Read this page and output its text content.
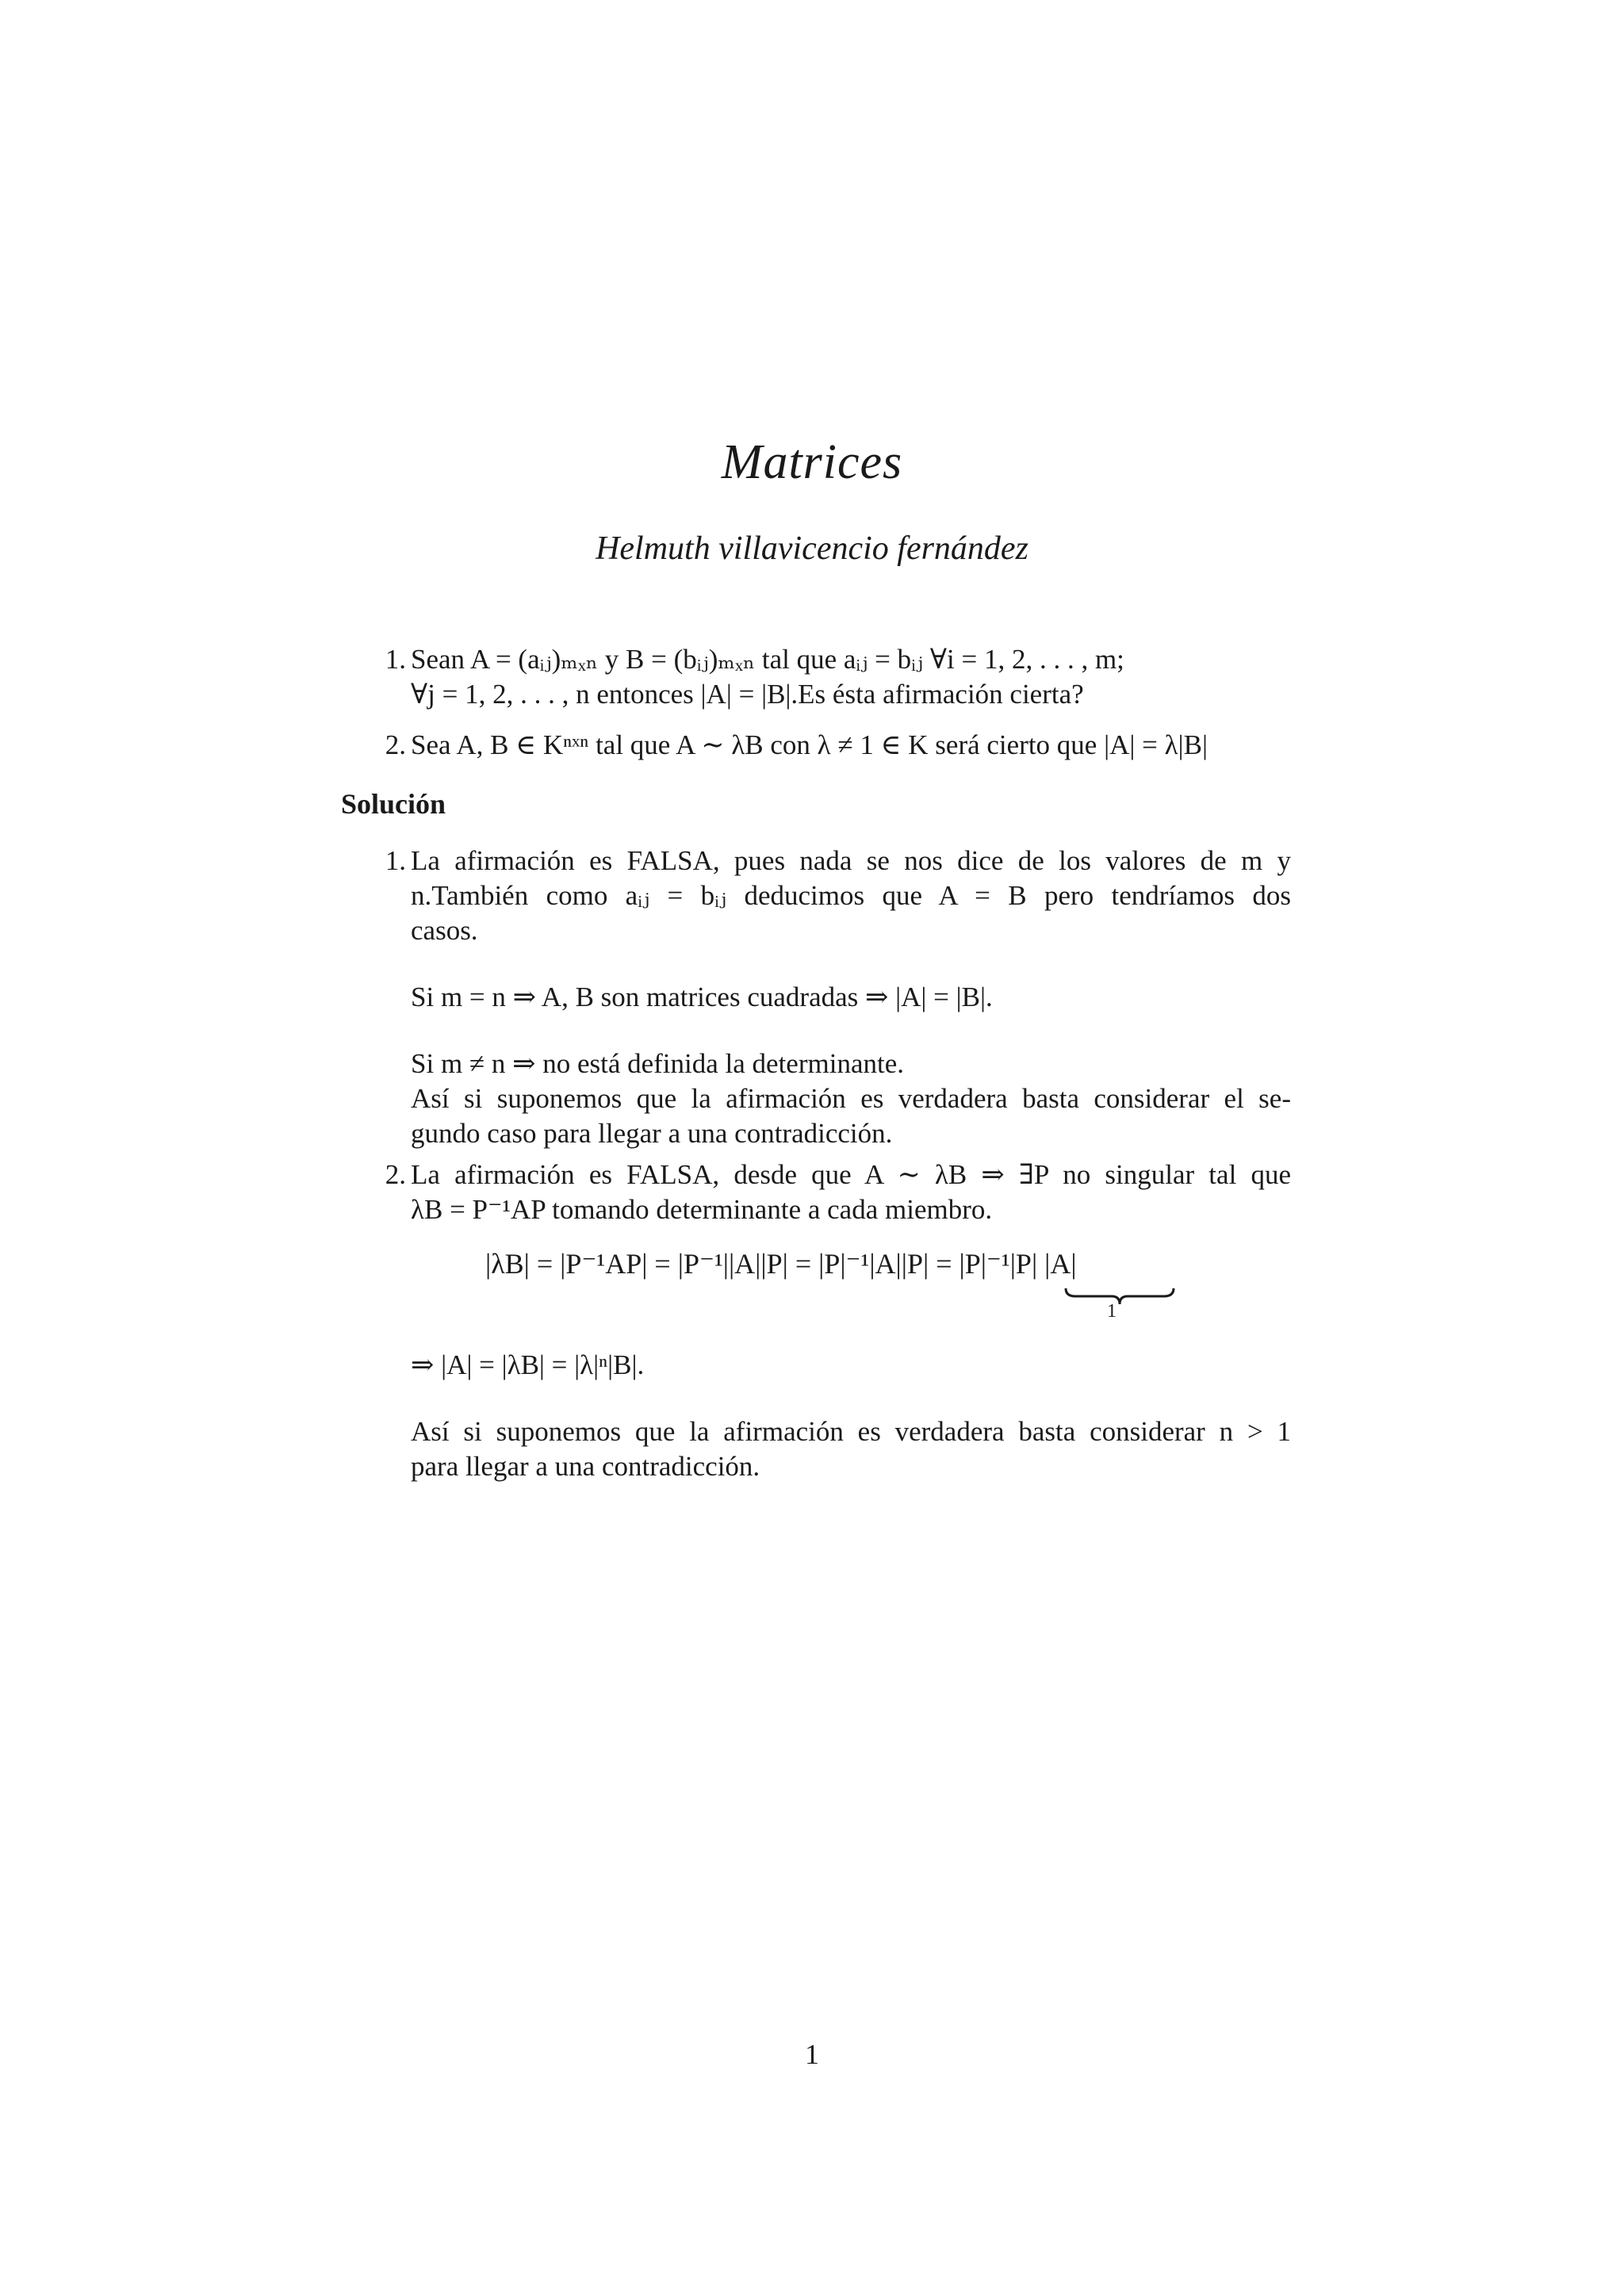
Matrices
Helmuth villavicencio fernández
1. Sean A = (aᵢⱼ)ₘₓₙ y B = (bᵢⱼ)ₘₓₙ tal que aᵢⱼ = bᵢⱼ ∀i = 1, 2, . . . , m;
∀j = 1, 2, . . . , n entonces |A| = |B|.Es ésta afirmación cierta?
2. Sea A, B ∈ Kⁿˣⁿ tal que A ∼ λB con λ ≠ 1 ∈ K será cierto que |A| = λ|B|
Solución
1. La afirmación es FALSA, pues nada se nos dice de los valores de m y
n.También como aᵢⱼ = bᵢⱼ deducimos que A = B pero tendríamos dos
casos.
Si m = n ⇒ A, B son matrices cuadradas ⇒ |A| = |B|.
Si m ≠ n ⇒ no está definida la determinante.
Así si suponemos que la afirmación es verdadera basta considerar el se-
gundo caso para llegar a una contradicción.
2. La afirmación es FALSA, desde que A ∼ λB ⇒ ∃P no singular tal que
λB = P⁻¹AP tomando determinante a cada miembro.
|λB| = |P⁻¹AP| = |P⁻¹||A||P| = |P|⁻¹|A||P| = |P|⁻¹|P| |A|
1
⇒ |A| = |λB| = |λ|ⁿ|B|.
Así si suponemos que la afirmación es verdadera basta considerar n > 1
para llegar a una contradicción.
1
